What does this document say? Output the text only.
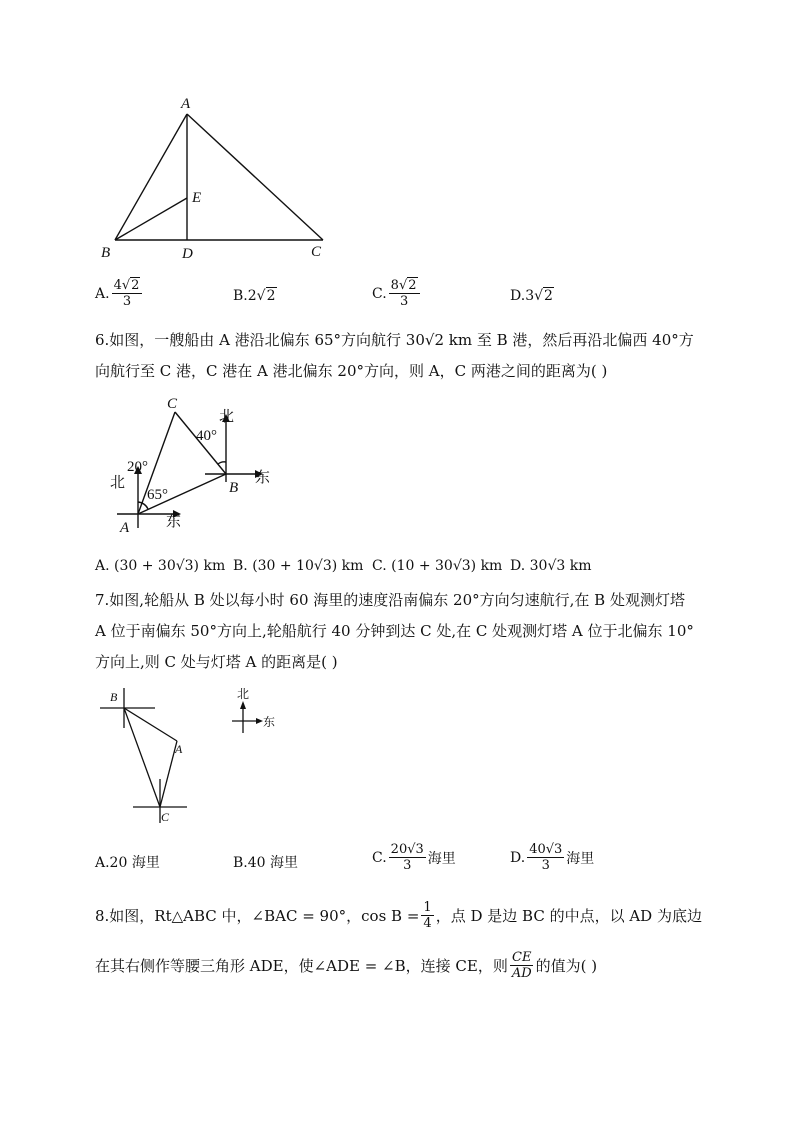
A
B	C
D
E
A. $\frac{4√2}{3}$	B. 2 √ 2	C. $\frac{8√2}{3}$	D. 3 √ 2
6.如图，一艘船由 A 港沿北偏东 65°方向航行 30√2 km 至 B 港，然后再沿北偏西 40°方
向航行至 C 港，C 港在 A 港北偏东 20°方向，则 A，C 两港之间的距离为( )
C
B
A
北
东
北
东
40°
20°
65°
A. (30 + 30√3) km B. (30 + 10√3) km C. (10 + 30√3) km D. 30√3 km
7.如图,轮船从 B 处以每小时 60 海里的速度沿南偏东 20°方向匀速航行,在 B 处观测灯塔
A 位于南偏东 50°方向上,轮船航行 40 分钟到达 C 处,在 C 处观测灯塔 A 位于北偏东 10°
方向上,则 C 处与灯塔 A 的距离是( )
B
A
C
北
东
A.20 海里	B.40 海里	C. $\frac{20√3}{3}$ 海里	D. $\frac{40√3}{3}$ 海里
8.如图，Rt△ABC 中，∠BAC = 90°，$\cos B = \frac{1}{4}$ ，点 D 是边 BC 的中点，以 AD 为底边
在其右侧作等腰三角形 ADE，使∠ADE = ∠B，连接 CE，则 $\frac{CE}{AD}$ 的值为( )
